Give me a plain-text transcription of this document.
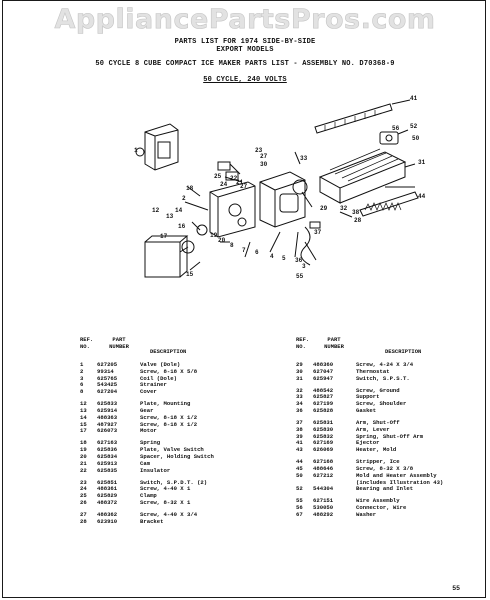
AppliancePartsPros.com
PARTS LIST FOR 1974 SIDE-BY-SIDE
EXPORT MODELS
50 CYCLE 8 CUBE COMPACT ICE MAKER PARTS LIST - ASSEMBLY NO. D70368-9
50 CYCLE, 240 VOLTS
41
52
50
31
56
23
33
27
30
29
44
38
28
32
25
1
24
22
21
27
13
14
18
2
19
20
16
17
8
7 6
4 5 36
55
15
12
3
37
REF. NO.
PART NUMBER
DESCRIPTION
REF. NO.
PART NUMBER
DESCRIPTION
1 627205	Valve (Dole)
2 99314	Screw, 8-18 X 5/8
3 625765	Coil (Dole)
6 543425	Strainer
8 627204	Cover
12 625833	Plate, Mounting
13 625914	Gear
14 488363	Screw, 8-18 X 1/2
15 487927	Screw, 8-18 X 1/2
17 626073	Motor
18 627163	Spring
19 625836	Plate, Valve Switch
20 625834	Spacer, Holding Switch
21 625913	Cam
22 625835	Insulator
23 625851	Switch, S.P.D.T. (2)
24 488361	Screw, 4-40 X 1
25 625829	Clamp
26 488372	Screw, 8-32 X 1
27 488362	Screw, 4-40 X 3/4
28 623910	Bracket
29 488360	Screw, 4-24 X 3/4
30 627047	Thermostat
31 625947	Switch, S.P.S.T.
32 488542	Screw, Ground
33 625827	Support
34 627199	Screw, Shoulder
36 625828	Gasket
37 625831	Arm, Shut-Off
38 625830	Arm, Lever
39 625832	Spring, Shut-Off Arm
41 627169	Ejector
43 626069	Heater, Mold
44 627168	Stripper, Ice
45 488646	Screw, 8-32 X 3/8
50 627212	Mold and Heater Assembly
(includes Illustration 43)
52 544304	Bearing and Inlet
55 627151	Wire Assembly
56 530050	Connector, Wire
67 488292	Washer
55
